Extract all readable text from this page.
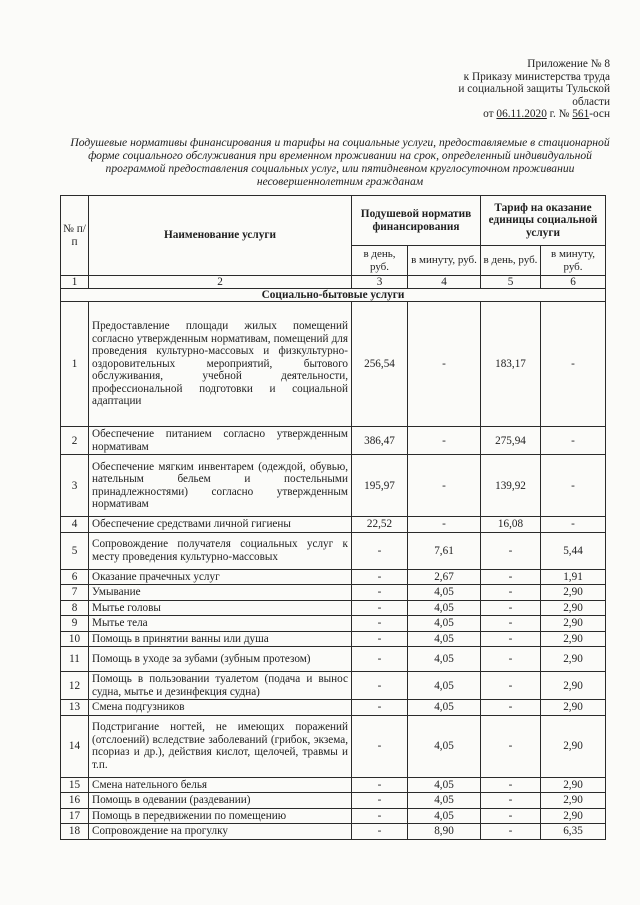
Приложение № 8
к Приказу министерства труда
и социальной защиты Тульской
области
от 06.11.2020 г. № 561-осн
Подушевые нормативы финансирования и тарифы на социальные услуги, предоставляемые в стационарной форме социального обслуживания при временном проживании на срок, определенный индивидуальной программой предоставления социальных услуг, или пятидневном круглосуточном проживании несовершеннолетним гражданам
№ п/п	Наименование услуги	Подушевой норматив финансирования		Тариф на оказание единицы социальной услуги	
		в день, руб.	в минуту, руб.	в день, руб.	в минуту, руб.
1	2	3	4	5	6
Социально-бытовые услуги					
1	Предоставление площади жилых помещений согласно утвержденным нормативам, помещений для проведения культурно-массовых и физкультурно-оздоровительных мероприятий, бытового обслуживания, учебной деятельности, профессиональной подготовки и социальной адаптации	256,54	-	183,17	-
2	Обеспечение питанием согласно утвержденным нормативам	386,47	-	275,94	-
3	Обеспечение мягким инвентарем (одеждой, обувью, нательным бельем и постельными принадлежностями) согласно утвержденным нормативам	195,97	-	139,92	-
4	Обеспечение средствами личной гигиены	22,52	-	16,08	-
5	Сопровождение получателя социальных услуг к месту проведения культурно-массовых	-	7,61	-	5,44
6	Оказание прачечных услуг	-	2,67	-	1,91
7	Умывание	-	4,05	-	2,90
8	Мытье головы	-	4,05	-	2,90
9	Мытье тела	-	4,05	-	2,90
10	Помощь в принятии ванны или душа	-	4,05	-	2,90
11	Помощь в уходе за зубами (зубным протезом)	-	4,05	-	2,90
12	Помощь в пользовании туалетом (подача и вынос судна, мытье и дезинфекция судна)	-	4,05	-	2,90
13	Смена подгузников	-	4,05	-	2,90
14	Подстригание ногтей, не имеющих поражений (отслоений) вследствие заболеваний (грибок, экзема, псориаз и др.), действия кислот, щелочей, травмы и т.п.	-	4,05	-	2,90
15	Смена нательного белья	-	4,05	-	2,90
16	Помощь в одевании (раздевании)	-	4,05	-	2,90
17	Помощь в передвижении по помещению	-	4,05	-	2,90
18	Сопровождение на прогулку	-	8,90	-	6,35
